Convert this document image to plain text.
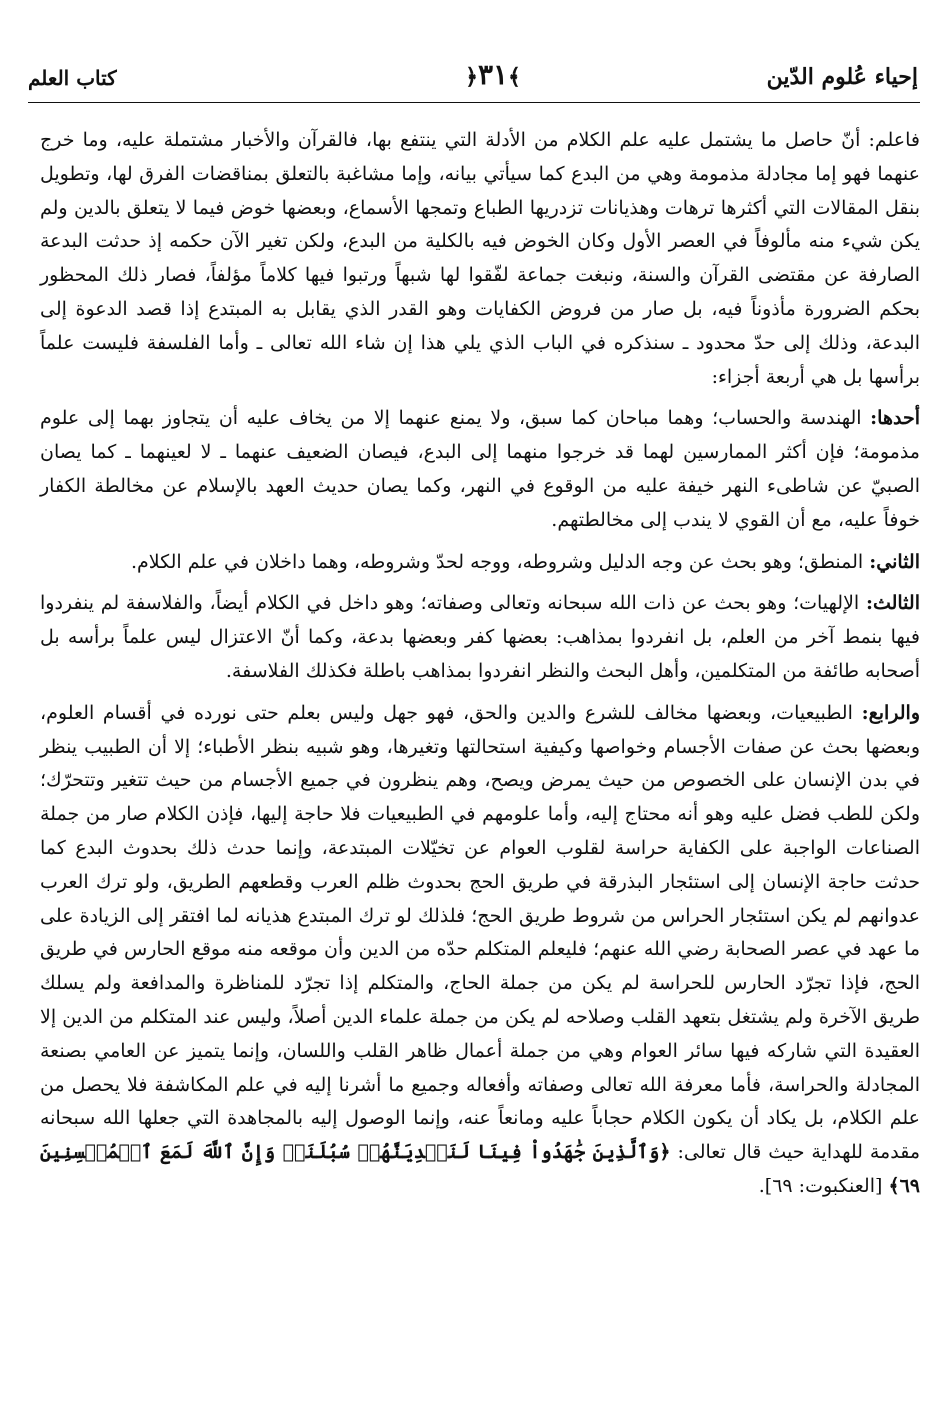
إحياء عُلوم الدّين
﴿٣١﴾
كتاب العلم

فاعلم: أنّ حاصل ما يشتمل عليه علم الكلام من الأدلة التي ينتفع بها، فالقرآن والأخبار مشتملة عليه، وما خرج عنهما فهو إما مجادلة مذمومة وهي من البدع كما سيأتي بيانه، وإما مشاغبة بالتعلق بمناقضات الفرق لها، وتطويل بنقل المقالات التي أكثرها ترهات وهذيانات تزدريها الطباع وتمجها الأسماع، وبعضها خوض فيما لا يتعلق بالدين ولم يكن شيء منه مألوفاً في العصر الأول وكان الخوض فيه بالكلية من البدع، ولكن تغير الآن حكمه إذ حدثت البدعة الصارفة عن مقتضى القرآن والسنة، ونبغت جماعة لفّقوا لها شبهاً ورتبوا فيها كلاماً مؤلفاً، فصار ذلك المحظور بحكم الضرورة مأذوناً فيه، بل صار من فروض الكفايات وهو القدر الذي يقابل به المبتدع إذا قصد الدعوة إلى البدعة، وذلك إلى حدّ محدود ـ سنذكره في الباب الذي يلي هذا إن شاء الله تعالى ـ وأما الفلسفة فليست علماً برأسها بل هي أربعة أجزاء:

أحدها: الهندسة والحساب؛ وهما مباحان كما سبق، ولا يمنع عنهما إلا من يخاف عليه أن يتجاوز بهما إلى علوم مذمومة؛ فإن أكثر الممارسين لهما قد خرجوا منهما إلى البدع، فيصان الضعيف عنهما ـ لا لعينهما ـ كما يصان الصبيّ عن شاطىء النهر خيفة عليه من الوقوع في النهر، وكما يصان حديث العهد بالإسلام عن مخالطة الكفار خوفاً عليه، مع أن القوي لا يندب إلى مخالطتهم.

الثاني: المنطق؛ وهو بحث عن وجه الدليل وشروطه، ووجه لحدّ وشروطه، وهما داخلان في علم الكلام.

الثالث: الإلهيات؛ وهو بحث عن ذات الله سبحانه وتعالى وصفاته؛ وهو داخل في الكلام أيضاً، والفلاسفة لم ينفردوا فيها بنمط آخر من العلم، بل انفردوا بمذاهب: بعضها كفر وبعضها بدعة، وكما أنّ الاعتزال ليس علماً برأسه بل أصحابه طائفة من المتكلمين، وأهل البحث والنظر انفردوا بمذاهب باطلة فكذلك الفلاسفة.

والرابع: الطبيعيات، وبعضها مخالف للشرع والدين والحق، فهو جهل وليس بعلم حتى نورده في أقسام العلوم، وبعضها بحث عن صفات الأجسام وخواصها وكيفية استحالتها وتغيرها، وهو شبيه بنظر الأطباء؛ إلا أن الطبيب ينظر في بدن الإنسان على الخصوص من حيث يمرض ويصح، وهم ينظرون في جميع الأجسام من حيث تتغير وتتحرّك؛ ولكن للطب فضل عليه وهو أنه محتاج إليه، وأما علومهم في الطبيعيات فلا حاجة إليها، فإذن الكلام صار من جملة الصناعات الواجبة على الكفاية حراسة لقلوب العوام عن تخيّلات المبتدعة، وإنما حدث ذلك بحدوث البدع كما حدثت حاجة الإنسان إلى استئجار البذرقة في طريق الحج بحدوث ظلم العرب وقطعهم الطريق، ولو ترك العرب عدوانهم لم يكن استئجار الحراس من شروط طريق الحج؛ فلذلك لو ترك المبتدع هذيانه لما افتقر إلى الزيادة على ما عهد في عصر الصحابة رضي الله عنهم؛ فليعلم المتكلم حدّه من الدين وأن موقعه منه موقع الحارس في طريق الحج، فإذا تجرّد الحارس للحراسة لم يكن من جملة الحاج، والمتكلم إذا تجرّد للمناظرة والمدافعة ولم يسلك طريق الآخرة ولم يشتغل بتعهد القلب وصلاحه لم يكن من جملة علماء الدين أصلاً، وليس عند المتكلم من الدين إلا العقيدة التي شاركه فيها سائر العوام وهي من جملة أعمال ظاهر القلب واللسان، وإنما يتميز عن العامي بصنعة المجادلة والحراسة، فأما معرفة الله تعالى وصفاته وأفعاله وجميع ما أشرنا إليه في علم المكاشفة فلا يحصل من علم الكلام، بل يكاد أن يكون الكلام حجاباً عليه ومانعاً عنه، وإنما الوصول إليه بالمجاهدة التي جعلها الله سبحانه مقدمة للهداية حيث قال تعالى: ﴿وَٱلَّذِينَ جَٰهَدُواْ فِينَا لَنَهۡدِيَنَّهُمۡ سُبُلَنَاۚ وَإِنَّ ٱللَّهَ لَمَعَ ٱلۡمُحۡسِنِينَ ٦٩﴾ [العنكبوت: ٦٩].
